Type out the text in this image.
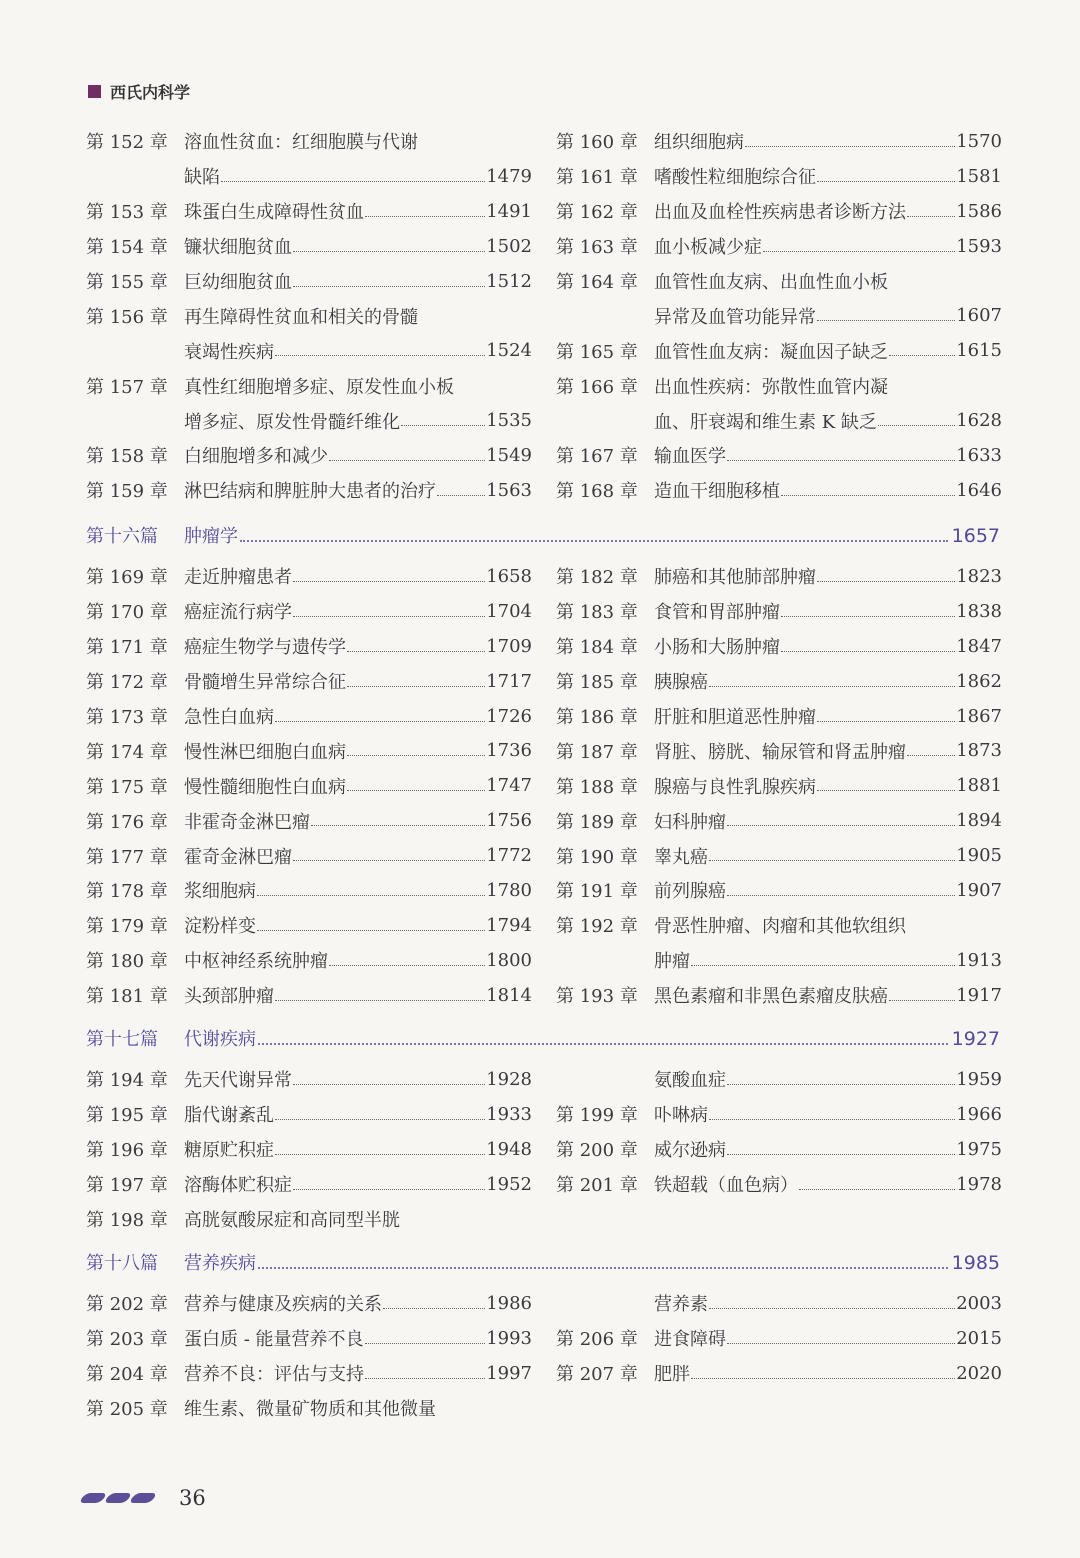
西氏内科学
第 152 章 溶血性贫血：红细胞膜与代谢
缺陷	1479
第 153 章 珠蛋白生成障碍性贫血	1491
第 154 章 镰状细胞贫血	1502
第 155 章 巨幼细胞贫血	1512
第 156 章 再生障碍性贫血和相关的骨髓
衰竭性疾病	1524
第 157 章 真性红细胞增多症、原发性血小板
增多症、原发性骨髓纤维化	1535
第 158 章 白细胞增多和减少	1549
第 159 章 淋巴结病和脾脏肿大患者的治疗	1563
第 160 章 组织细胞病	1570
第 161 章 嗜酸性粒细胞综合征	1581
第 162 章 出血及血栓性疾病患者诊断方法	1586
第 163 章 血小板减少症	1593
第 164 章 血管性血友病、出血性血小板
异常及血管功能异常	1607
第 165 章 血管性血友病：凝血因子缺乏	1615
第 166 章 出血性疾病：弥散性血管内凝
血、肝衰竭和维生素 K 缺乏	1628
第 167 章 输血医学	1633
第 168 章 造血干细胞移植	1646
第十六篇	肿瘤学	1657
第 169 章 走近肿瘤患者	1658
第 170 章 癌症流行病学	1704
第 171 章 癌症生物学与遗传学	1709
第 172 章 骨髓增生异常综合征	1717
第 173 章 急性白血病	1726
第 174 章 慢性淋巴细胞白血病	1736
第 175 章 慢性髓细胞性白血病	1747
第 176 章 非霍奇金淋巴瘤	1756
第 177 章 霍奇金淋巴瘤	1772
第 178 章 浆细胞病	1780
第 179 章 淀粉样变	1794
第 180 章 中枢神经系统肿瘤	1800
第 181 章 头颈部肿瘤	1814
第 182 章 肺癌和其他肺部肿瘤	1823
第 183 章 食管和胃部肿瘤	1838
第 184 章 小肠和大肠肿瘤	1847
第 185 章 胰腺癌	1862
第 186 章 肝脏和胆道恶性肿瘤	1867
第 187 章 肾脏、膀胱、输尿管和肾盂肿瘤	1873
第 188 章 腺癌与良性乳腺疾病	1881
第 189 章 妇科肿瘤	1894
第 190 章 睾丸癌	1905
第 191 章 前列腺癌	1907
第 192 章 骨恶性肿瘤、肉瘤和其他软组织
肿瘤	1913
第 193 章 黑色素瘤和非黑色素瘤皮肤癌	1917
第十七篇	代谢疾病	1927
第 194 章 先天代谢异常	1928
第 195 章 脂代谢紊乱	1933
第 196 章 糖原贮积症	1948
第 197 章 溶酶体贮积症	1952
第 198 章 高胱氨酸尿症和高同型半胱
氨酸血症	1959
第 199 章 卟啉病	1966
第 200 章 威尔逊病	1975
第 201 章 铁超载（血色病）	1978
第十八篇	营养疾病	1985
第 202 章 营养与健康及疾病的关系	1986
第 203 章 蛋白质 - 能量营养不良	1993
第 204 章 营养不良：评估与支持	1997
第 205 章 维生素、微量矿物质和其他微量
营养素	2003
第 206 章 进食障碍	2015
第 207 章 肥胖	2020
36
